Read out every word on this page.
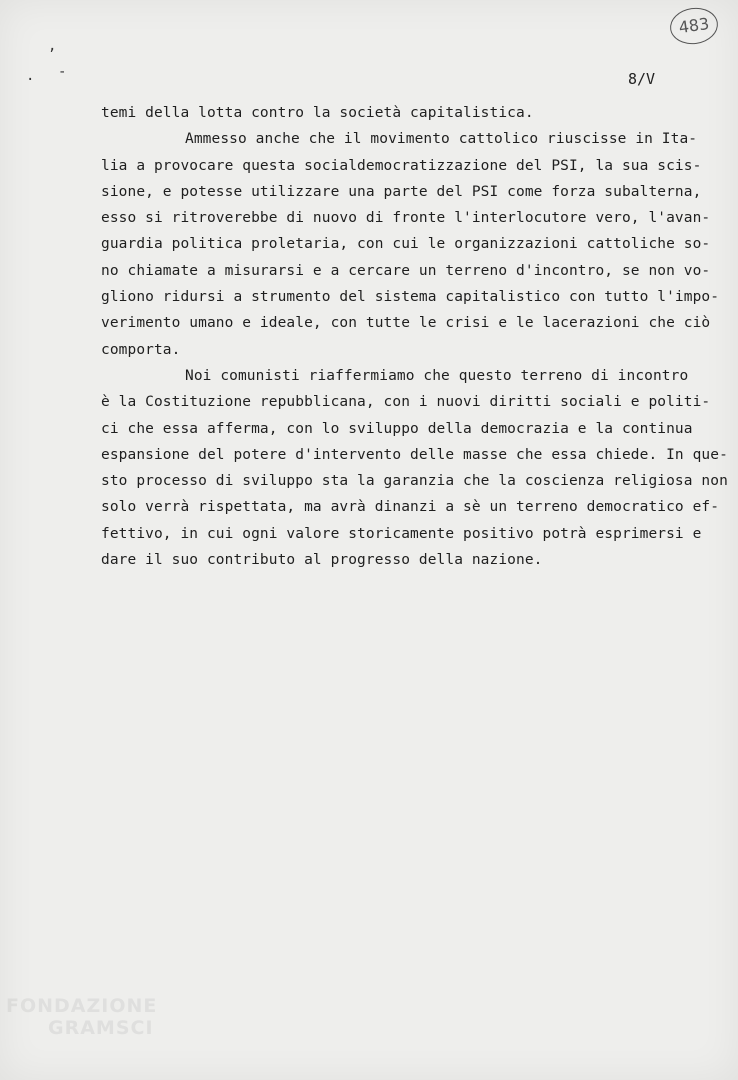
,
. -
483
8/V
temi della lotta contro la società capitalistica.
Ammesso anche che il movimento cattolico riuscisse in Ita-
lia a provocare questa socialdemocratizzazione del PSI, la sua scis-
sione, e potesse utilizzare una parte del PSI come forza subalterna,
esso si ritroverebbe di nuovo di fronte l'interlocutore vero, l'avan-
guardia politica proletaria, con cui le organizzazioni cattoliche so-
no chiamate a misurarsi e a cercare un terreno d'incontro, se non vo-
gliono ridursi a strumento del sistema capitalistico con tutto l'impo-
verimento umano e ideale, con tutte le crisi e le lacerazioni che ciò
comporta.
Noi comunisti riaffermiamo che questo terreno di incontro
è la Costituzione repubblicana, con i nuovi diritti sociali e politi-
ci che essa afferma, con lo sviluppo della democrazia e la continua
espansione del potere d'intervento delle masse che essa chiede. In que-
sto processo di sviluppo sta la garanzia che la coscienza religiosa non
solo verrà rispettata, ma avrà dinanzi a sè un terreno democratico ef-
fettivo, in cui ogni valore storicamente positivo potrà esprimersi e
dare il suo contributo al progresso della nazione.
FONDAZIONE
GRAMSCI
